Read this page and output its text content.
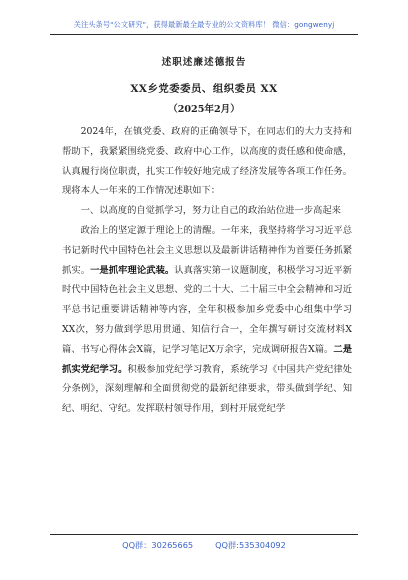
关注头条号"公文研究"，获得最新最全最专业的公文资料库！ 微信：gongwenyj
述职述廉述德报告
XX乡党委委员、组织委员 XX
（2025年2月）

2024年，在镇党委、政府的正确领导下，在同志们的大力支持和帮助下，我紧紧围绕党委、政府中心工作，以高度的责任感和使命感，认真履行岗位职责，扎实工作较好地完成了经济发展等各项工作任务。现将本人一年来的工作情况述职如下：

一、以高度的自觉抓学习，努力让自己的政治站位进一步高起来

政治上的坚定源于理论上的清醒。一年来，我坚持将学习习近平总书记新时代中国特色社会主义思想以及最新讲话精神作为首要任务抓紧抓实。一是抓牢理论武装。认真落实第一议题制度，积极学习习近平新时代中国特色社会主义思想、党的二十大、二十届三中全会精神和习近平总书记重要讲话精神等内容，全年积极参加乡党委中心组集中学习XX次，努力做到学思用贯通、知信行合一，全年撰写研讨交流材料X篇、书写心得体会X篇，记学习笔记X万余字，完成调研报告X篇。二是抓实党纪学习。积极参加党纪学习教育，系统学习《中国共产党纪律处分条例》，深刻理解和全面贯彻党的最新纪律要求，带头做到学纪、知纪、明纪、守纪。发挥联村领导作用，到村开展党纪学

QQ群：30265665	QQ群:535304092
